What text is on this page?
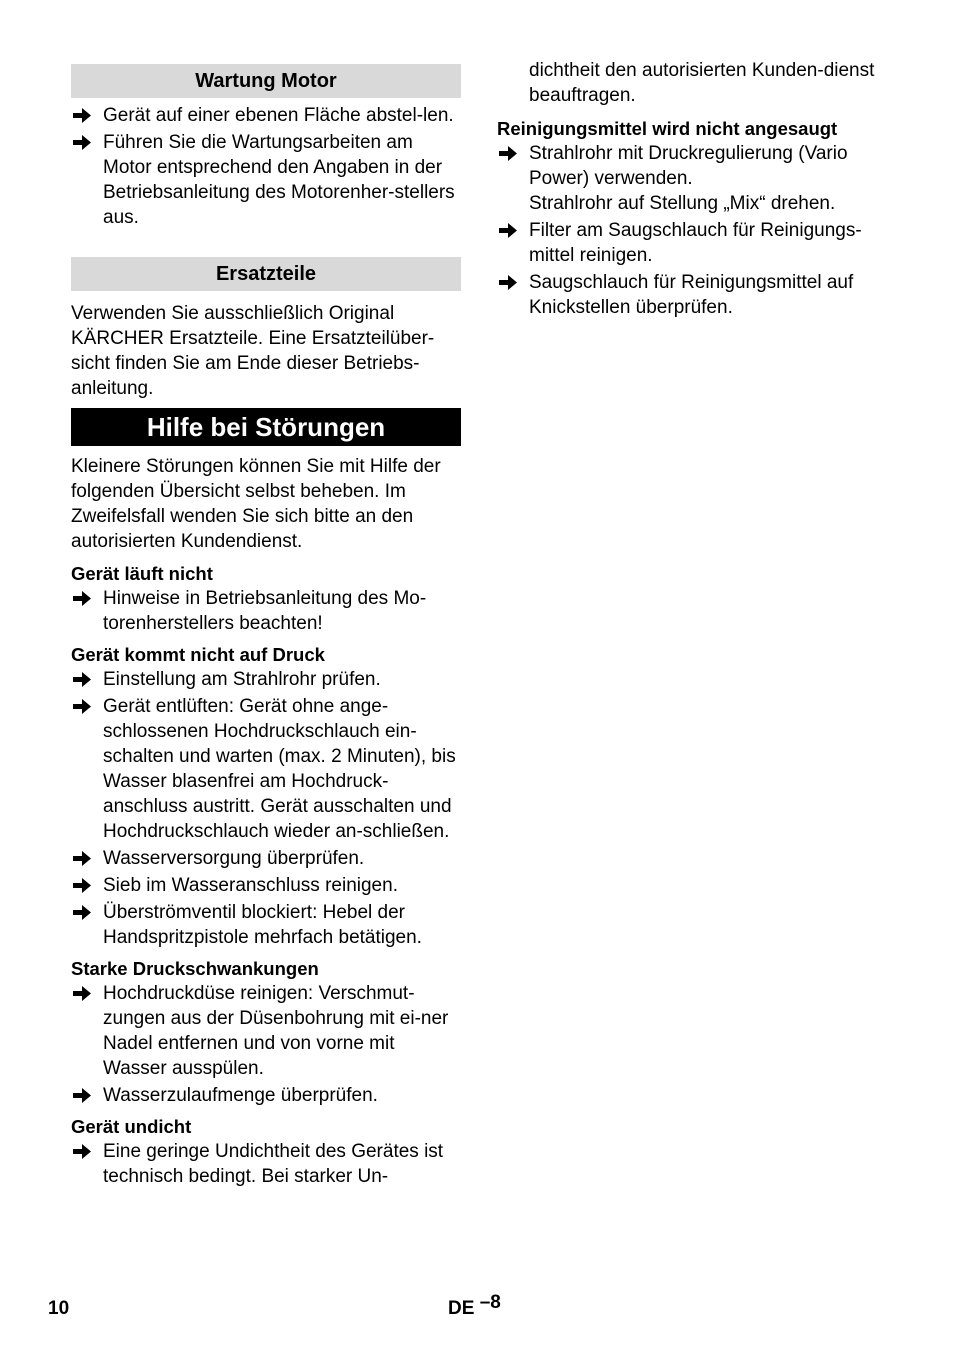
Wartung Motor
Gerät auf einer ebenen Fläche abstel-len.
Führen Sie die Wartungsarbeiten am Motor entsprechend den Angaben in der Betriebsanleitung des Motorenher-stellers aus.
Ersatzteile

Verwenden Sie ausschließlich Original KÄRCHER Ersatzteile. Eine Ersatzteilüber-sicht finden Sie am Ende dieser Betriebs-anleitung.

Hilfe bei Störungen

Kleinere Störungen können Sie mit Hilfe der folgenden Übersicht selbst beheben. Im Zweifelsfall wenden Sie sich bitte an den autorisierten Kundendienst.

Gerät läuft nicht
Hinweise in Betriebsanleitung des Mo-torenherstellers beachten!
Gerät kommt nicht auf Druck
Einstellung am Strahlrohr prüfen.
Gerät entlüften: Gerät ohne ange-schlossenen Hochdruckschlauch ein-schalten und warten (max. 2 Minuten), bis Wasser blasenfrei am Hochdruck-anschluss austritt. Gerät ausschalten und Hochdruckschlauch wieder an-schließen.
Wasserversorgung überprüfen.
Sieb im Wasseranschluss reinigen.
Überströmventil blockiert: Hebel der Handspritzpistole mehrfach betätigen.
Starke Druckschwankungen
Hochdruckdüse reinigen: Verschmut-zungen aus der Düsenbohrung mit ei-ner Nadel entfernen und von vorne mit Wasser ausspülen.
Wasserzulaufmenge überprüfen.
Gerät undicht
Eine geringe Undichtheit des Gerätes ist technisch bedingt. Bei starker Un-
dichtheit den autorisierten Kunden-dienst beauftragen.
Reinigungsmittel wird nicht angesaugt
Strahlrohr mit Druckregulierung (Vario Power) verwenden.
Strahlrohr auf Stellung „Mix“ drehen.
Filter am Saugschlauch für Reinigungs-mittel reinigen.
Saugschlauch für Reinigungsmittel auf Knickstellen überprüfen.
10	DE –8
